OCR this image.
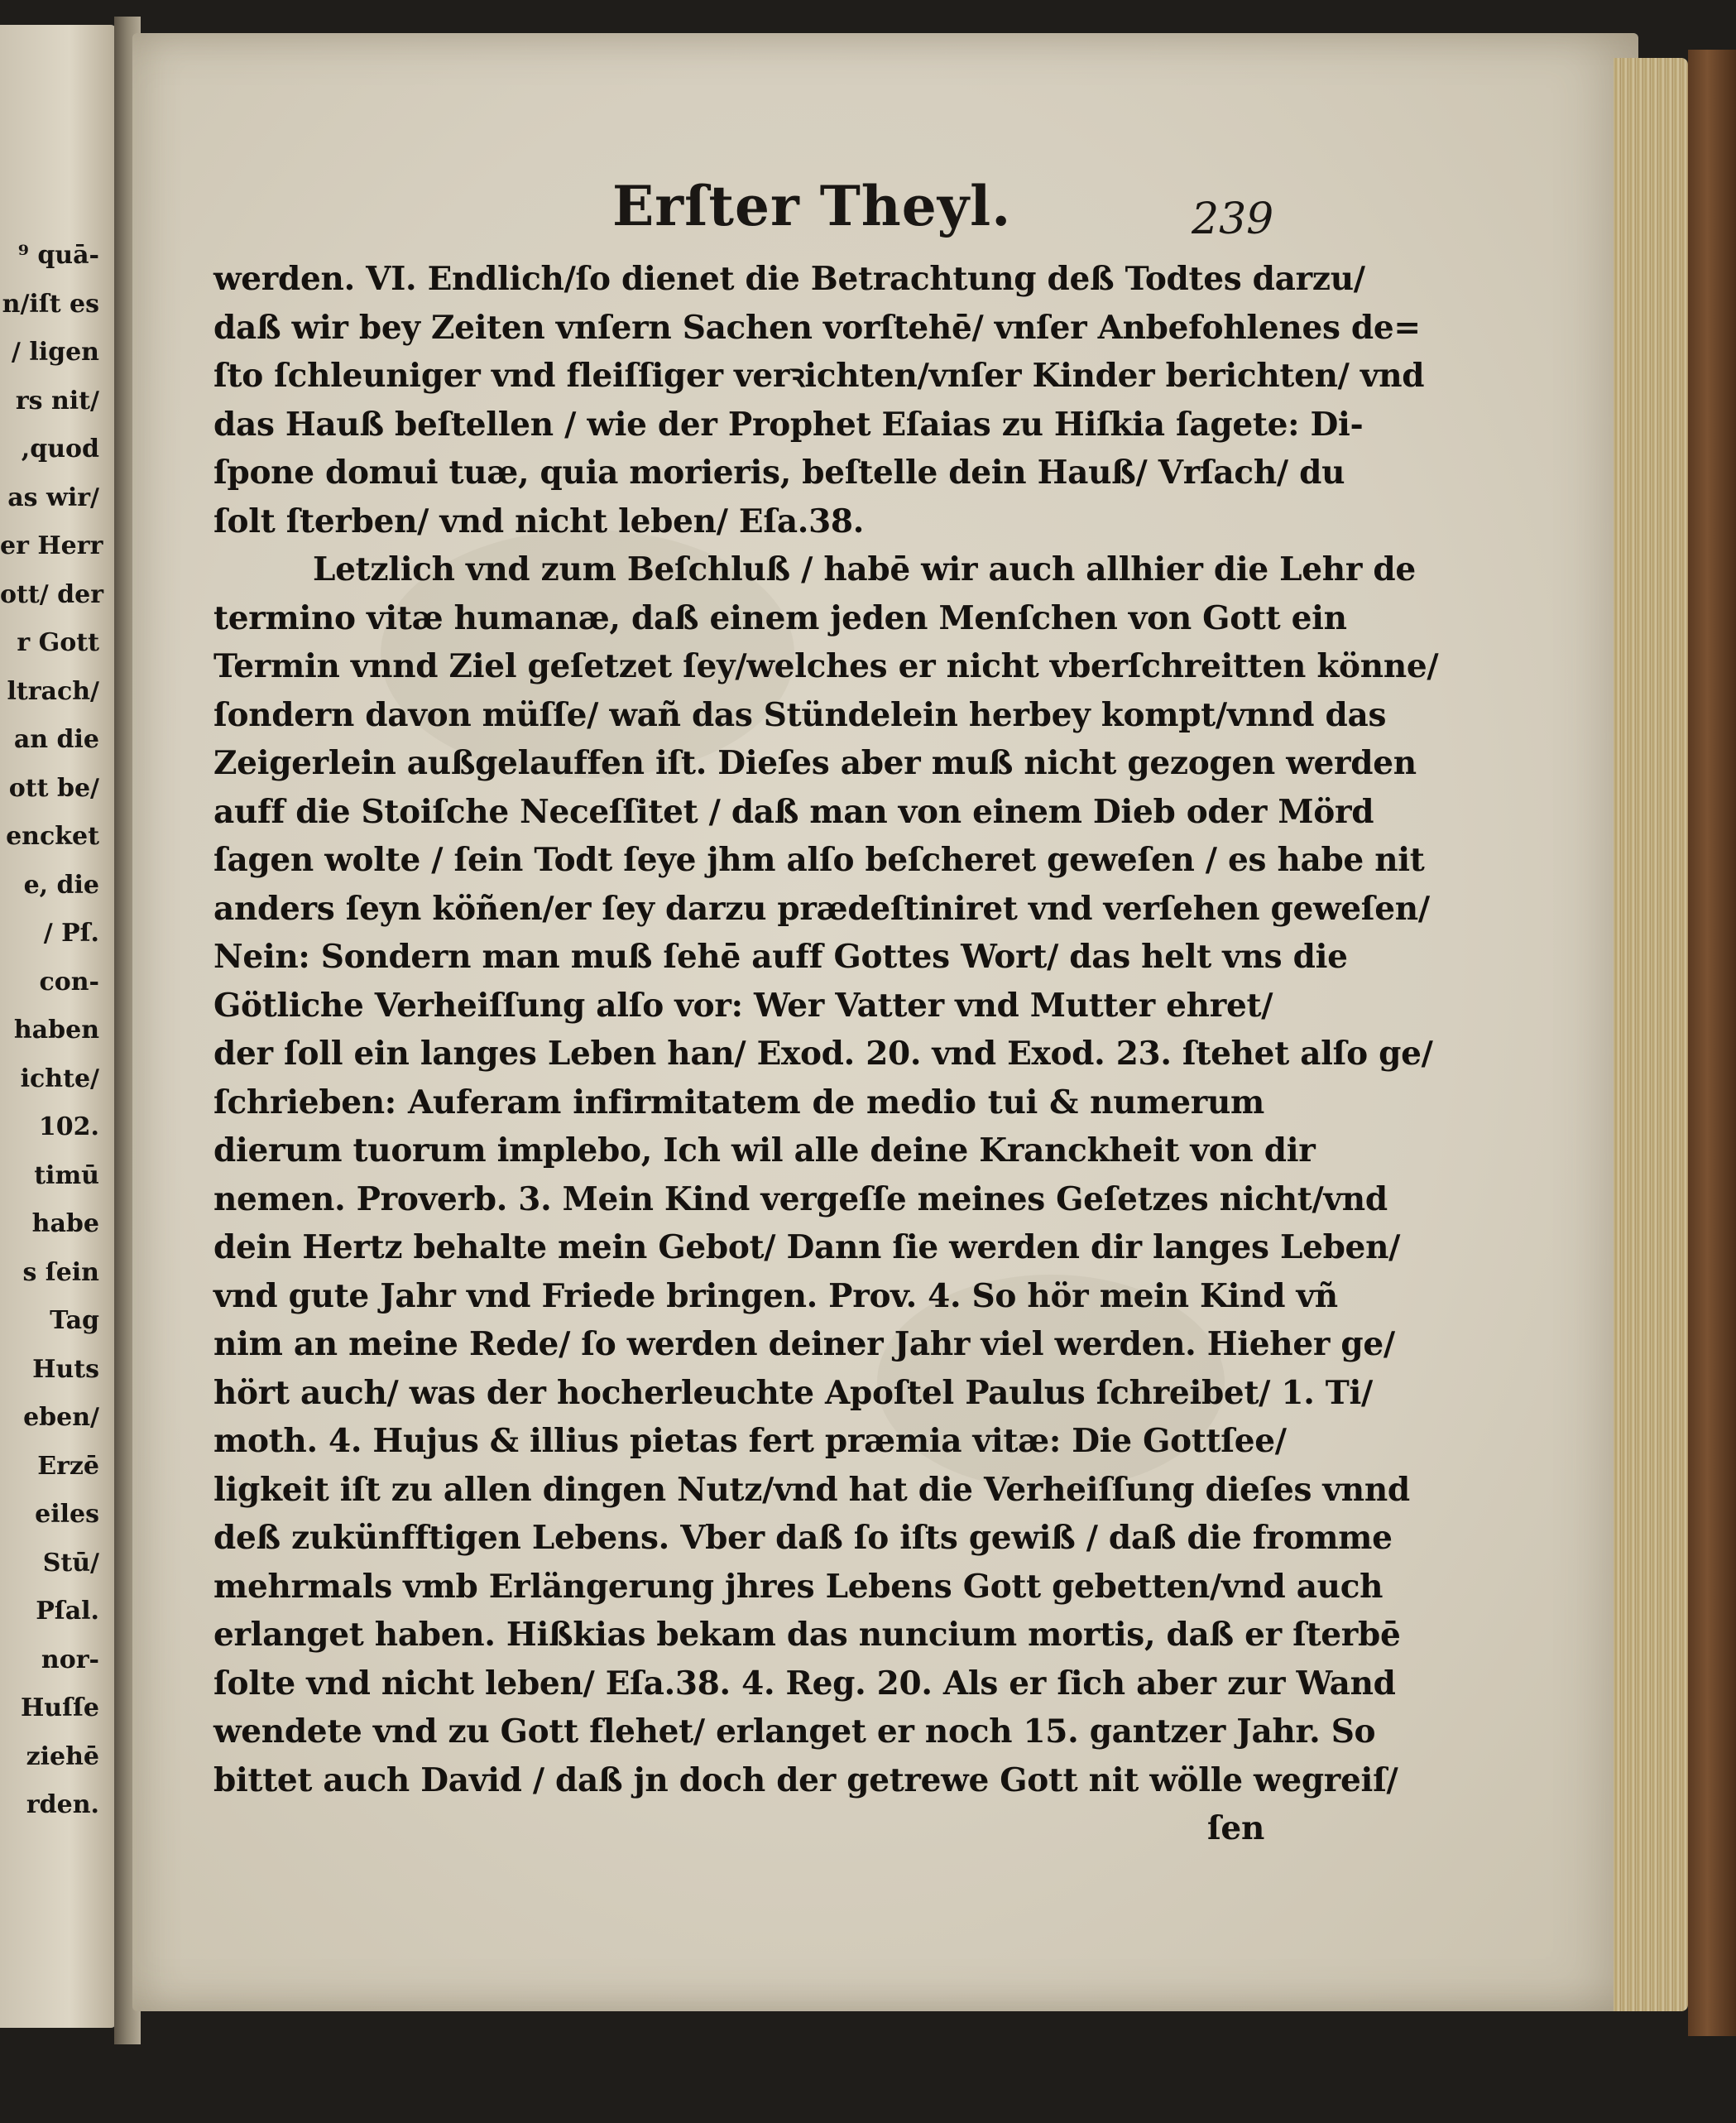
⁹ quā-
n/iſt es
/ ligen
rs nit/
,quod
as wir/
er Herr
ott/ der
r Gott
ltrach/
an die
ott be/
encket
e, die
/ Pſ.
con-
haben
ichte/
102.
timū
habe
s ſein
Tag
Huts
eben/
Erzē
eiles
Stū/
Pſal.
nor-
Huſſe
ziehē
rden.
Erſter Theyl.	239
werden. VI. Endlich/ſo dienet die Betrachtung deß Todtes darzu/
daß wir bey Zeiten vnſern Sachen vorſtehē/ vnſer Anbefohlenes de=
ſto ſchleuniger vnd fleiſſiger verꝛichten/vnſer Kinder berichten/ vnd
das Hauß beſtellen / wie der Prophet Eſaias zu Hiſkia ſagete: Di-
ſpone domui tuæ, quia morieris, beſtelle dein Hauß/ Vrſach/ du
ſolt ſterben/ vnd nicht leben/ Eſa.38.
Letzlich vnd zum Beſchluß / habē wir auch allhier die Lehr de
termino vitæ humanæ, daß einem jeden Menſchen von Gott ein
Termin vnnd Ziel geſetzet ſey/welches er nicht vberſchreitten könne/
ſondern davon müſſe/ wañ das Stündelein herbey kompt/vnnd das
Zeigerlein außgelauffen iſt. Dieſes aber muß nicht gezogen werden
auff die Stoiſche Neceſſitet / daß man von einem Dieb oder Mörd
ſagen wolte / ſein Todt ſeye jhm alſo beſcheret geweſen / es habe nit
anders ſeyn köñen/er ſey darzu prædeſtiniret vnd verſehen geweſen/
Nein: Sondern man muß ſehē auff Gottes Wort/ das helt vns die
Götliche Verheiſſung alſo vor: Wer Vatter vnd Mutter ehret/
der ſoll ein langes Leben han/ Exod. 20. vnd Exod. 23. ſtehet alſo ge/
ſchrieben: Auferam infirmitatem de medio tui & numerum
dierum tuorum implebo, Ich wil alle deine Kranckheit von dir
nemen. Proverb. 3. Mein Kind vergeſſe meines Geſetzes nicht/vnd
dein Hertz behalte mein Gebot/ Dann ſie werden dir langes Leben/
vnd gute Jahr vnd Friede bringen. Prov. 4. So hör mein Kind vñ
nim an meine Rede/ ſo werden deiner Jahr viel werden. Hieher ge/
hört auch/ was der hocherleuchte Apoſtel Paulus ſchreibet/ 1. Ti/
moth. 4. Hujus & illius pietas fert præmia vitæ: Die Gottſee/
ligkeit iſt zu allen dingen Nutz/vnd hat die Verheiſſung dieſes vnnd
deß zukünfftigen Lebens. Vber daß ſo iſts gewiß / daß die fromme
mehrmals vmb Erlängerung jhres Lebens Gott gebetten/vnd auch
erlanget haben. Hißkias bekam das nuncium mortis, daß er ſterbē
ſolte vnd nicht leben/ Eſa.38. 4. Reg. 20. Als er ſich aber zur Wand
wendete vnd zu Gott flehet/ erlanget er noch 15. gantzer Jahr. So
bittet auch David / daß jn doch der getrewe Gott nit wölle wegreiſ/
ſen
